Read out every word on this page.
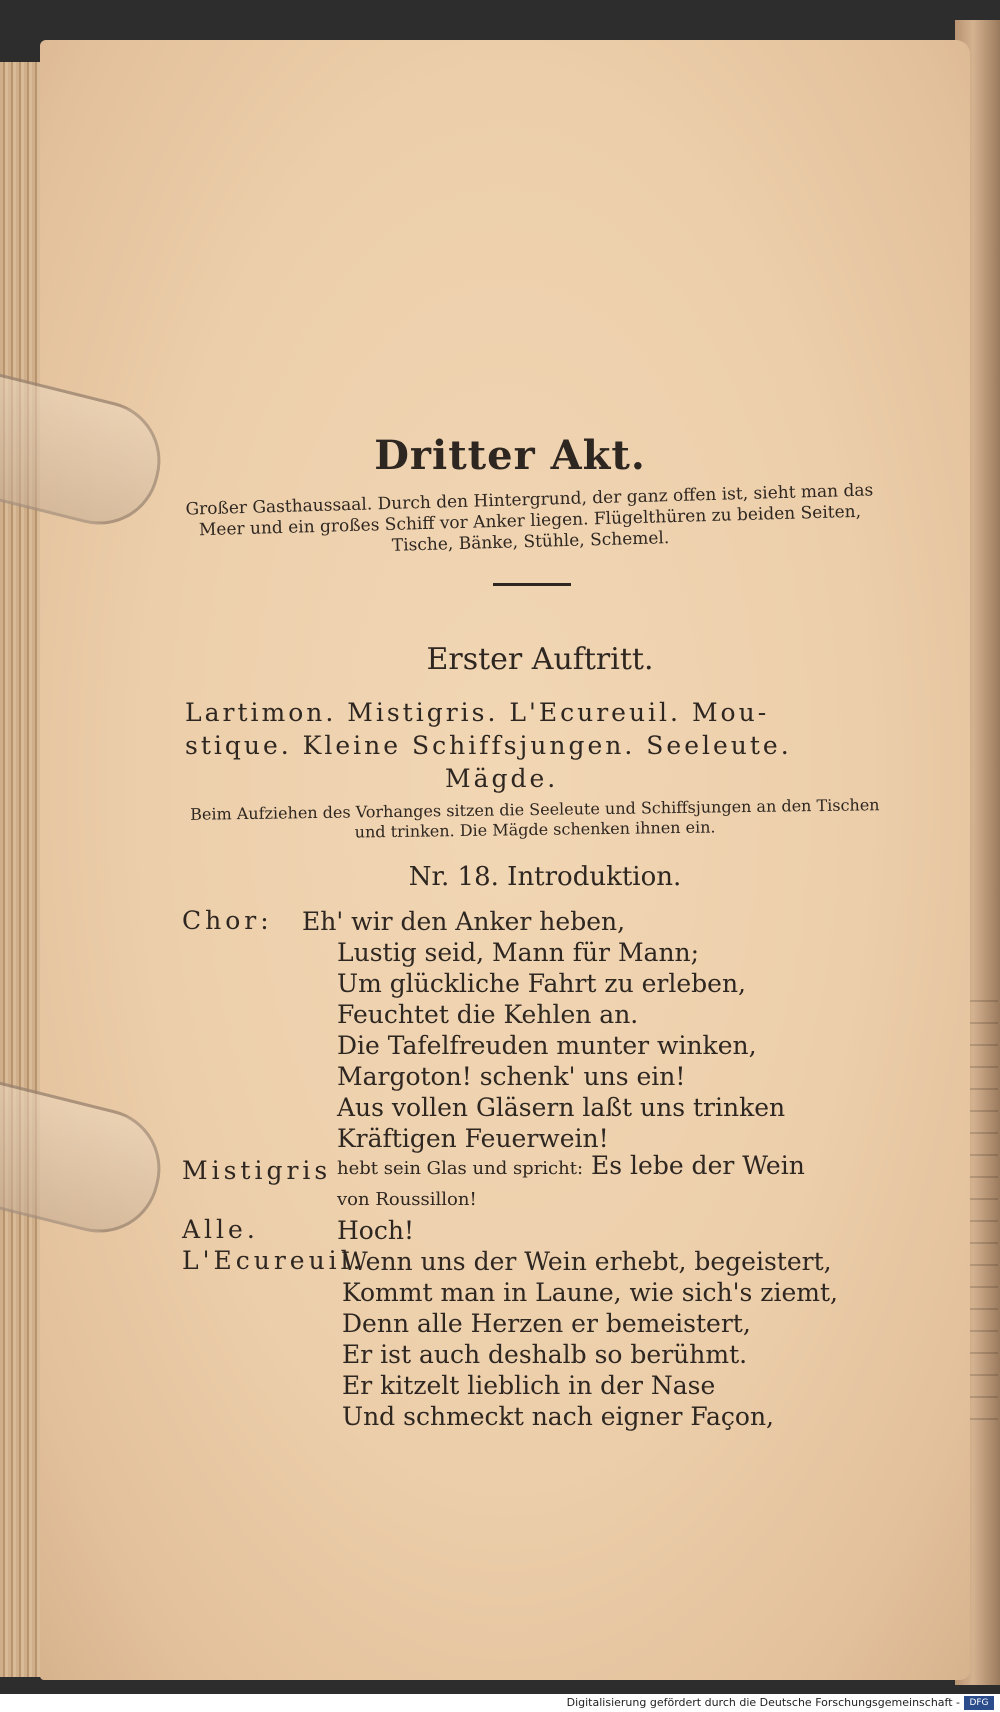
Dritter Akt.
Großer Gasthaussaal. Durch den Hintergrund, der ganz offen ist, sieht man das Meer und ein großes Schiff vor Anker liegen. Flügelthüren zu beiden Seiten, Tische, Bänke, Stühle, Schemel.
Erster Auftritt.
Lartimon. Mistigris. L'Ecureuil. Mou-
stique. Kleine Schiffsjungen. Seeleute.
Mägde.
Beim Aufziehen des Vorhanges sitzen die Seeleute und Schiffsjungen an den Tischen und trinken. Die Mägde schenken ihnen ein.
Nr. 18. Introduktion.
Chor: Eh' wir den Anker heben,
Lustig seid, Mann für Mann;
Um glückliche Fahrt zu erleben,
Feuchtet die Kehlen an.
Die Tafelfreuden munter winken,
Margoton! schenk' uns ein!
Aus vollen Gläsern laßt uns trinken
Kräftigen Feuerwein!
Mistigris hebt sein Glas und spricht: Es lebe der Wein
von Roussillon!
Alle.	Hoch!
L'Ecureuil.
Wenn uns der Wein erhebt, begeistert,
Kommt man in Laune, wie sich's ziemt,
Denn alle Herzen er bemeistert,
Er ist auch deshalb so berühmt.
Er kitzelt lieblich in der Nase
Und schmeckt nach eigner Façon,
Digitalisierung gefördert durch die Deutsche Forschungsgemeinschaft -	DFG
